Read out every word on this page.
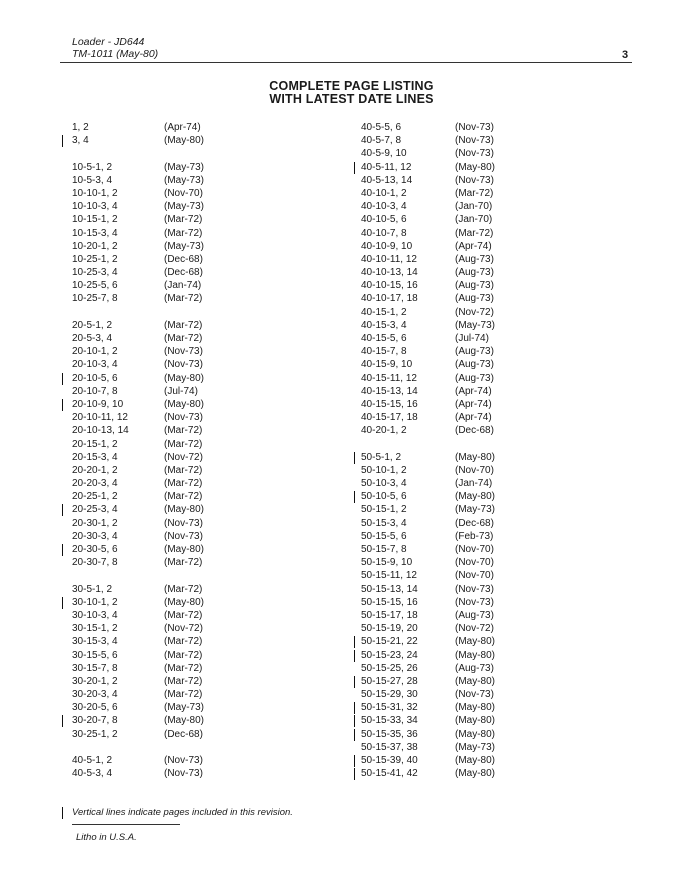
Loader - JD644
TM-1011 (May-80)	3
COMPLETE PAGE LISTING
WITH LATEST DATE LINES
1, 2	(Apr-74)
3, 4	(May-80)
10-5-1, 2	(May-73)
10-5-3, 4	(May-73)
10-10-1, 2	(Nov-70)
10-10-3, 4	(May-73)
10-15-1, 2	(Mar-72)
10-15-3, 4	(Mar-72)
10-20-1, 2	(May-73)
10-25-1, 2	(Dec-68)
10-25-3, 4	(Dec-68)
10-25-5, 6	(Jan-74)
10-25-7, 8	(Mar-72)
20-5-1, 2	(Mar-72)
20-5-3, 4	(Mar-72)
20-10-1, 2	(Nov-73)
20-10-3, 4	(Nov-73)
20-10-5, 6	(May-80)
20-10-7, 8	(Jul-74)
20-10-9, 10	(May-80)
20-10-11, 12	(Nov-73)
20-10-13, 14	(Mar-72)
20-15-1, 2	(Mar-72)
20-15-3, 4	(Nov-72)
20-20-1, 2	(Mar-72)
20-20-3, 4	(Mar-72)
20-25-1, 2	(Mar-72)
20-25-3, 4	(May-80)
20-30-1, 2	(Nov-73)
20-30-3, 4	(Nov-73)
20-30-5, 6	(May-80)
20-30-7, 8	(Mar-72)
30-5-1, 2	(Mar-72)
30-10-1, 2	(May-80)
30-10-3, 4	(Mar-72)
30-15-1, 2	(Nov-72)
30-15-3, 4	(Mar-72)
30-15-5, 6	(Mar-72)
30-15-7, 8	(Mar-72)
30-20-1, 2	(Mar-72)
30-20-3, 4	(Mar-72)
30-20-5, 6	(May-73)
30-20-7, 8	(May-80)
30-25-1, 2	(Dec-68)
40-5-1, 2	(Nov-73)
40-5-3, 4	(Nov-73)
40-5-5, 6	(Nov-73)
40-5-7, 8	(Nov-73)
40-5-9, 10	(Nov-73)
40-5-11, 12	(May-80)
40-5-13, 14	(Nov-73)
40-10-1, 2	(Mar-72)
40-10-3, 4	(Jan-70)
40-10-5, 6	(Jan-70)
40-10-7, 8	(Mar-72)
40-10-9, 10	(Apr-74)
40-10-11, 12	(Aug-73)
40-10-13, 14	(Aug-73)
40-10-15, 16	(Aug-73)
40-10-17, 18	(Aug-73)
40-15-1, 2	(Nov-72)
40-15-3, 4	(May-73)
40-15-5, 6	(Jul-74)
40-15-7, 8	(Aug-73)
40-15-9, 10	(Aug-73)
40-15-11, 12	(Aug-73)
40-15-13, 14	(Apr-74)
40-15-15, 16	(Apr-74)
40-15-17, 18	(Apr-74)
40-20-1, 2	(Dec-68)
50-5-1, 2	(May-80)
50-10-1, 2	(Nov-70)
50-10-3, 4	(Jan-74)
50-10-5, 6	(May-80)
50-15-1, 2	(May-73)
50-15-3, 4	(Dec-68)
50-15-5, 6	(Feb-73)
50-15-7, 8	(Nov-70)
50-15-9, 10	(Nov-70)
50-15-11, 12	(Nov-70)
50-15-13, 14	(Nov-73)
50-15-15, 16	(Nov-73)
50-15-17, 18	(Aug-73)
50-15-19, 20	(Nov-72)
50-15-21, 22	(May-80)
50-15-23, 24	(May-80)
50-15-25, 26	(Aug-73)
50-15-27, 28	(May-80)
50-15-29, 30	(Nov-73)
50-15-31, 32	(May-80)
50-15-33, 34	(May-80)
50-15-35, 36	(May-80)
50-15-37, 38	(May-73)
50-15-39, 40	(May-80)
50-15-41, 42	(May-80)
Vertical lines indicate pages included in this revision.
Litho in U.S.A.
